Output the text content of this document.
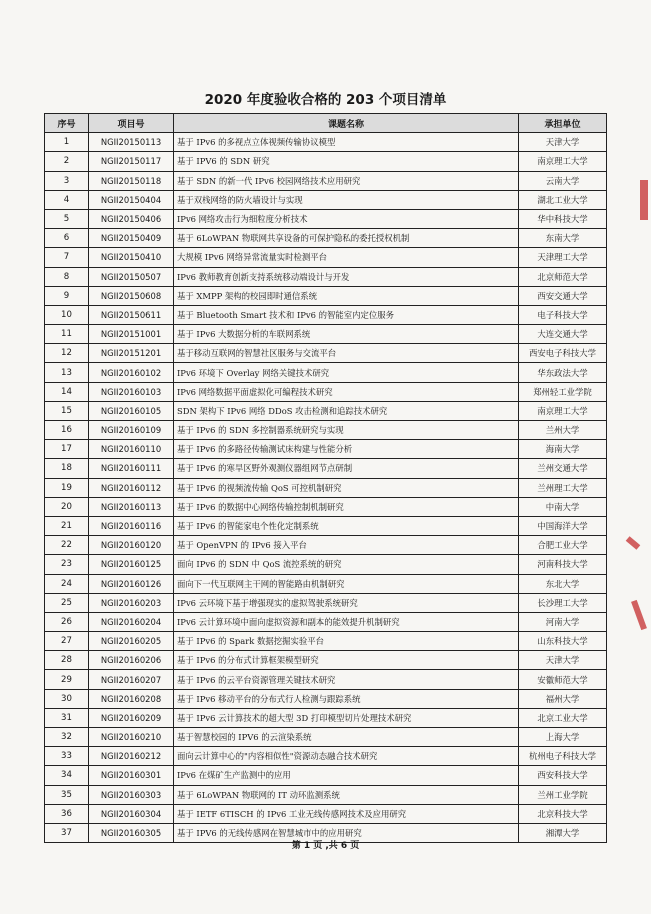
2020 年度验收合格的 203 个项目清单
序号	项目号	课题名称	承担单位
1	NGII20150113	基于 IPv6 的多视点立体视频传输协议模型	天津大学
2	NGII20150117	基于 IPV6 的 SDN 研究	南京理工大学
3	NGII20150118	基于 SDN 的新一代 IPv6 校园网络技术应用研究	云南大学
4	NGII20150404	基于双栈网络的防火墙设计与实现	湖北工业大学
5	NGII20150406	IPv6 网络攻击行为细粒度分析技术	华中科技大学
6	NGII20150409	基于 6LoWPAN 物联网共享设备的可保护隐私的委托授权机制	东南大学
7	NGII20150410	大规模 IPv6 网络异常流量实时检测平台	天津理工大学
8	NGII20150507	IPv6 教师教育创新支持系统移动端设计与开发	北京师范大学
9	NGII20150608	基于 XMPP 架构的校园即时通信系统	西安交通大学
10	NGII20150611	基于 Bluetooth Smart 技术和 IPv6 的智能室内定位服务	电子科技大学
11	NGII20151001	基于 IPv6 大数据分析的车联网系统	大连交通大学
12	NGII20151201	基于移动互联网的智慧社区服务与交流平台	西安电子科技大学
13	NGII20160102	IPv6 环境下 Overlay 网络关键技术研究	华东政法大学
14	NGII20160103	IPv6 网络数据平面虚拟化可编程技术研究	郑州轻工业学院
15	NGII20160105	SDN 架构下 IPv6 网络 DDoS 攻击检测和追踪技术研究	南京理工大学
16	NGII20160109	基于 IPv6 的 SDN 多控制器系统研究与实现	兰州大学
17	NGII20160110	基于 IPv6 的多路径传输测试床构建与性能分析	海南大学
18	NGII20160111	基于 IPv6 的寒旱区野外观测仪器组网节点研制	兰州交通大学
19	NGII20160112	基于 IPv6 的视频流传输 QoS 可控机制研究	兰州理工大学
20	NGII20160113	基于 IPv6 的数据中心网络传输控制机制研究	中南大学
21	NGII20160116	基于 IPv6 的智能家电个性化定制系统	中国海洋大学
22	NGII20160120	基于 OpenVPN 的 IPv6 接入平台	合肥工业大学
23	NGII20160125	面向 IPv6 的 SDN 中 QoS 流控系统的研究	河南科技大学
24	NGII20160126	面向下一代互联网主干网的智能路由机制研究	东北大学
25	NGII20160203	IPv6 云环境下基于增强现实的虚拟驾驶系统研究	长沙理工大学
26	NGII20160204	IPv6 云计算环境中面向虚拟资源和副本的能效提升机制研究	河南大学
27	NGII20160205	基于 IPv6 的 Spark 数据挖掘实验平台	山东科技大学
28	NGII20160206	基于 IPv6 的分布式计算框架模型研究	天津大学
29	NGII20160207	基于 IPv6 的云平台资源管理关键技术研究	安徽师范大学
30	NGII20160208	基于 IPv6 移动平台的分布式行人检测与跟踪系统	福州大学
31	NGII20160209	基于 IPv6 云计算技术的超大型 3D 打印模型切片处理技术研究	北京工业大学
32	NGII20160210	基于智慧校园的 IPV6 的云渲染系统	上海大学
33	NGII20160212	面向云计算中心的"内容相似性"资源动态融合技术研究	杭州电子科技大学
34	NGII20160301	IPv6 在煤矿生产监测中的应用	西安科技大学
35	NGII20160303	基于 6LoWPAN 物联网的 IT 动环监测系统	兰州工业学院
36	NGII20160304	基于 IETF 6TISCH 的 IPv6 工业无线传感网技术及应用研究	北京科技大学
37	NGII20160305	基于 IPV6 的无线传感网在智慧城市中的应用研究	湘潭大学
第 1 页 ,共 6 页
